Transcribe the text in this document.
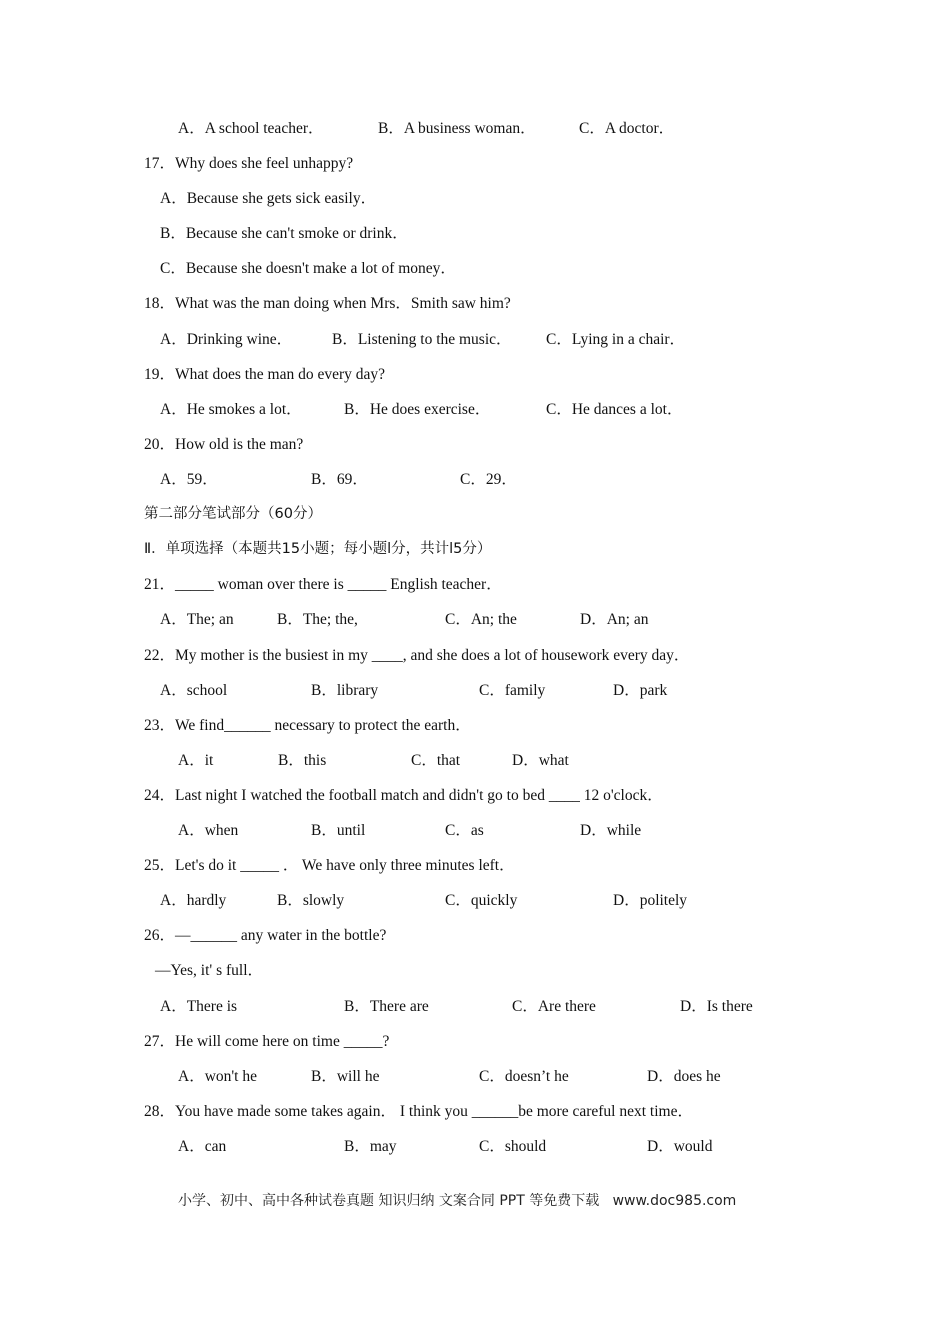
A．A school teacher．	B．A business woman．	C．A doctor．
17．Why does she feel unhappy?
A．Because she gets sick easily．
B．Because she can't smoke or drink．
C．Because she doesn't make a lot of money．
18．What was the man doing when Mrs．Smith saw him?
A．Drinking wine．	B．Listening to the music． C．Lying in a chair．
19．What does the man do every day?
A．He smokes a lot．	B．He does exercise．	C．He dances a lot．
20．How old is the man?
A．59．	B．69．	C．29．
第二部分笔试部分（60分）
Ⅱ．单项选择（本题共15小题；每小题l分，共计l5分）
21．_____ woman over there is _____ English teacher．
A．The; an	B．The; the,	C．An; the	D．An; an
22．My mother is the busiest in my ____, and she does a lot of housework every day．
A．school	B．library	C．family	D．park
23．We find______ necessary to protect the earth．
A．it	B．this	C．that	D．what
24．Last night I watched the football match and didn't go to bed ____ 12 o'clock．
A．when	B．until	C．as	D．while
25．Let's do it _____ ． We have only three minutes left．
A．hardly	B．slowly	C．quickly	D．politely
26．—______ any water in the bottle?
—Yes, it' s full．
A．There is	B．There are	C．Are there	D．Is there
27．He will come here on time _____?
A．won't he	B．will he	C．doesn’t he	D．does he
28．You have made some takes again． I think you ______be more careful next time．
A．can	B．may	C．should	D．would
小学、初中、高中各种试卷真题 知识归纳 文案合同 PPT 等免费下载   www.doc985.com
